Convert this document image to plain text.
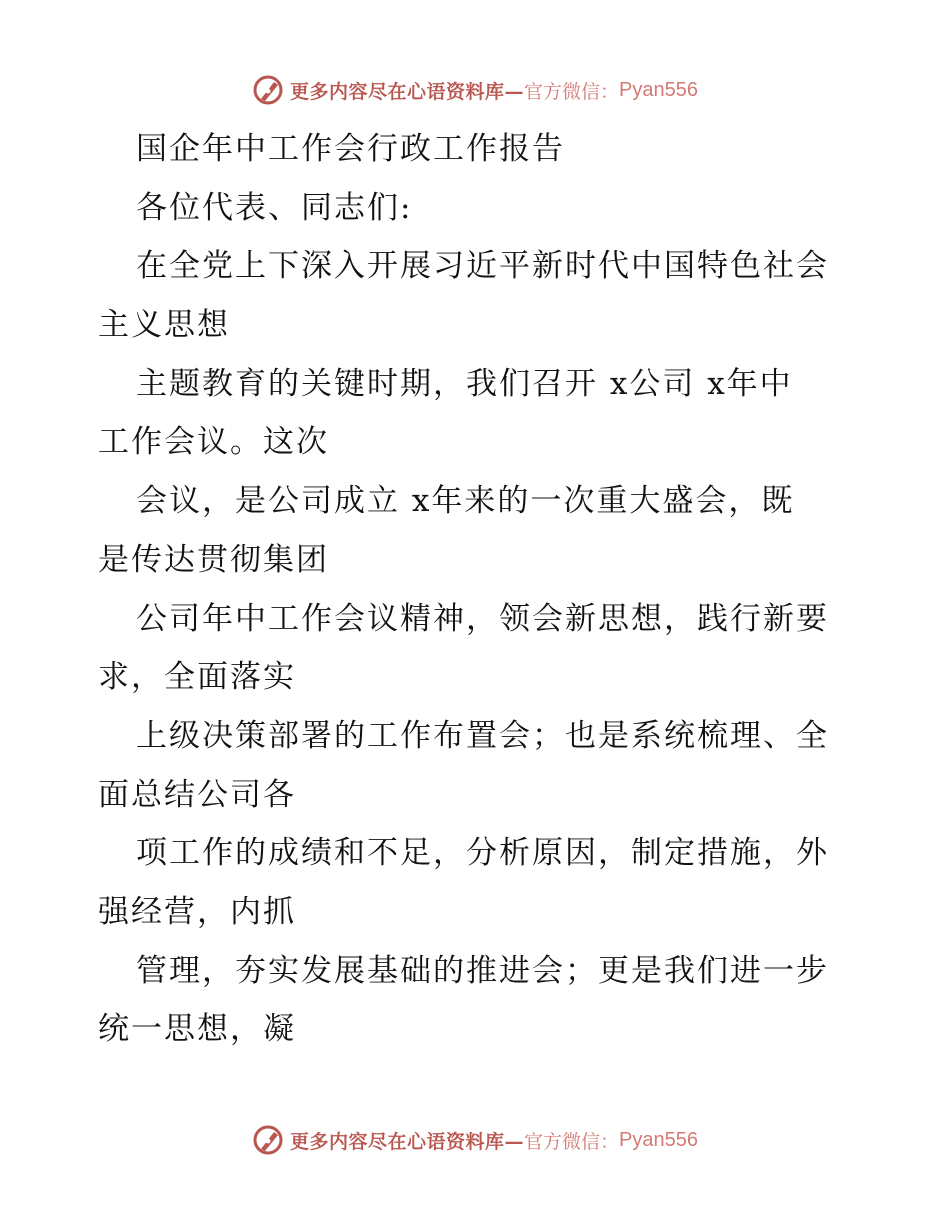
更多内容尽在心语资料库— 官方微信： Pyan556
国企年中工作会行政工作报告
各位代表、同志们:
在全党上下深入开展习近平新时代中国特色社会
主义思想
主题教育的关键时期，我们召开 x公司 x年中
工作会议。这次
会议，是公司成立 x年来的一次重大盛会，既
是传达贯彻集团
公司年中工作会议精神，领会新思想，践行新要
求，全面落实
上级决策部署的工作布置会；也是系统梳理、全
面总结公司各
项工作的成绩和不足，分析原因，制定措施，外
强经营，内抓
管理，夯实发展基础的推进会；更是我们进一步
统一思想，凝
更多内容尽在心语资料库— 官方微信： Pyan556
